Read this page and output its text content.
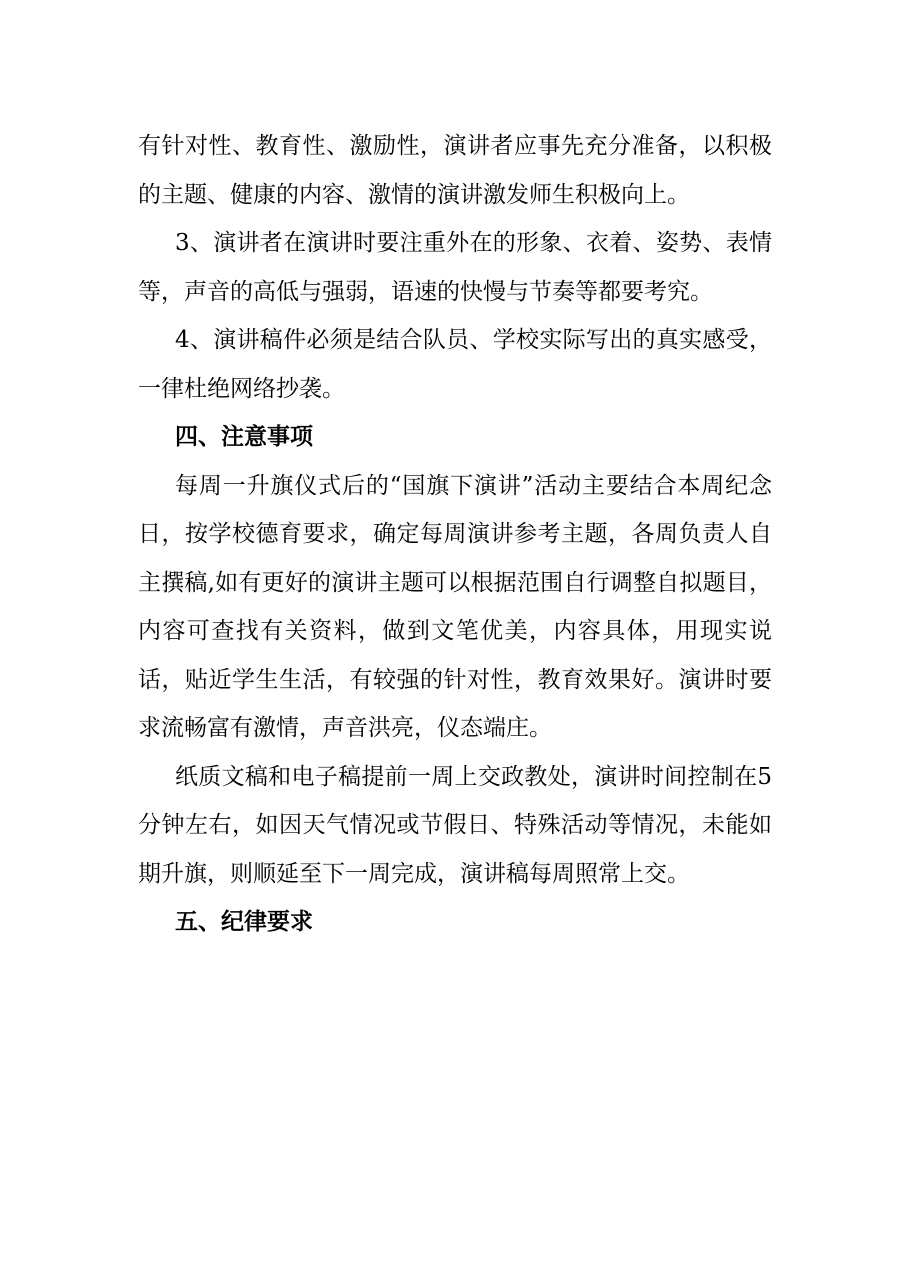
有针对性、教育性、激励性，演讲者应事先充分准备，以积极的主题、健康的内容、激情的演讲激发师生积极向上。

3、演讲者在演讲时要注重外在的形象、衣着、姿势、表情等，声音的高低与强弱，语速的快慢与节奏等都要考究。

4、演讲稿件必须是结合队员、学校实际写出的真实感受，一律杜绝网络抄袭。

四、注意事项

每周一升旗仪式后的“国旗下演讲”活动主要结合本周纪念日，按学校德育要求，确定每周演讲参考主题，各周负责人自主撰稿,如有更好的演讲主题可以根据范围自行调整自拟题目，内容可查找有关资料，做到文笔优美，内容具体，用现实说话，贴近学生生活，有较强的针对性，教育效果好。演讲时要求流畅富有激情，声音洪亮，仪态端庄。

纸质文稿和电子稿提前一周上交政教处，演讲时间控制在5分钟左右，如因天气情况或节假日、特殊活动等情况，未能如期升旗，则顺延至下一周完成，演讲稿每周照常上交。

五、纪律要求
